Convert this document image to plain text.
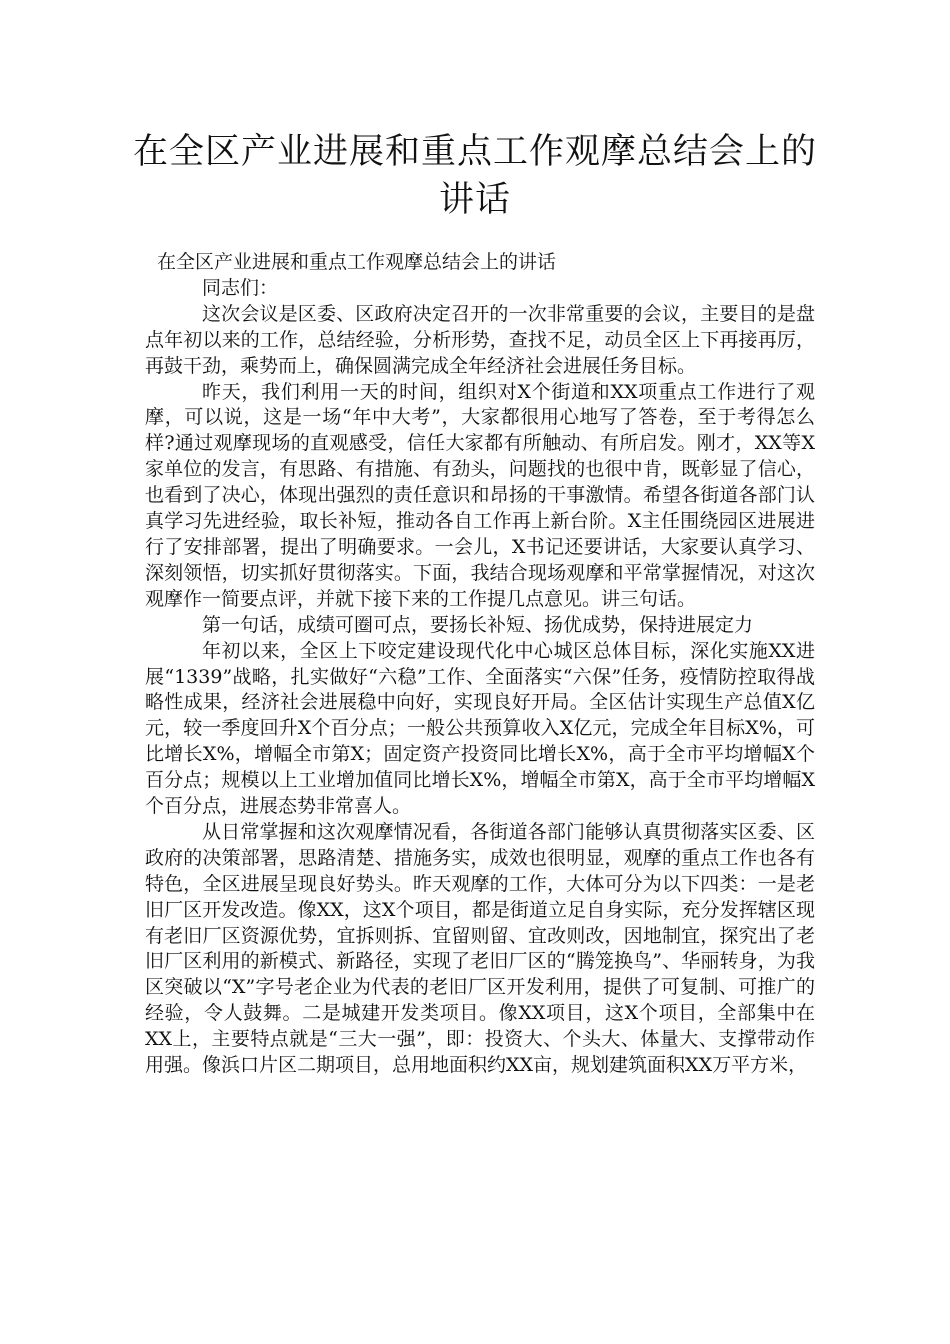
在全区产业进展和重点工作观摩总结会上的讲话

在全区产业进展和重点工作观摩总结会上的讲话

同志们：

这次会议是区委、区政府决定召开的一次非常重要的会议，主要目的是盘点年初以来的工作，总结经验，分析形势，查找不足，动员全区上下再接再厉，再鼓干劲，乘势而上，确保圆满完成全年经济社会进展任务目标。

昨天，我们利用一天的时间，组织对X个街道和XX项重点工作进行了观摩，可以说，这是一场“年中大考”，大家都很用心地写了答卷，至于考得怎么样?通过观摩现场的直观感受，信任大家都有所触动、有所启发。刚才，XX等X家单位的发言，有思路、有措施、有劲头，问题找的也很中肯，既彰显了信心，也看到了决心，体现出强烈的责任意识和昂扬的干事激情。希望各街道各部门认真学习先进经验，取长补短，推动各自工作再上新台阶。X主任围绕园区进展进行了安排部署，提出了明确要求。一会儿，X书记还要讲话，大家要认真学习、深刻领悟，切实抓好贯彻落实。下面，我结合现场观摩和平常掌握情况，对这次观摩作一简要点评，并就下接下来的工作提几点意见。讲三句话。

第一句话，成绩可圈可点，要扬长补短、扬优成势，保持进展定力

年初以来，全区上下咬定建设现代化中心城区总体目标，深化实施XX进展“1339”战略，扎实做好“六稳”工作、全面落实“六保”任务，疫情防控取得战略性成果，经济社会进展稳中向好，实现良好开局。全区估计实现生产总值X亿元，较一季度回升X个百分点；一般公共预算收入X亿元，完成全年目标X%，可比增长X%，增幅全市第X；固定资产投资同比增长X%，高于全市平均增幅X个百分点；规模以上工业增加值同比增长X%，增幅全市第X，高于全市平均增幅X个百分点，进展态势非常喜人。

从日常掌握和这次观摩情况看，各街道各部门能够认真贯彻落实区委、区政府的决策部署，思路清楚、措施务实，成效也很明显，观摩的重点工作也各有特色，全区进展呈现良好势头。昨天观摩的工作，大体可分为以下四类：一是老旧厂区开发改造。像XX，这X个项目，都是街道立足自身实际，充分发挥辖区现有老旧厂区资源优势，宜拆则拆、宜留则留、宜改则改，因地制宜，探究出了老旧厂区利用的新模式、新路径，实现了老旧厂区的“腾笼换鸟”、华丽转身，为我区突破以“X”字号老企业为代表的老旧厂区开发利用，提供了可复制、可推广的经验，令人鼓舞。二是城建开发类项目。像XX项目，这X个项目，全部集中在XX上，主要特点就是“三大一强”，即：投资大、个头大、体量大、支撑带动作用强。像浜口片区二期项目，总用地面积约XX亩，规划建筑面积XX万平方米，
